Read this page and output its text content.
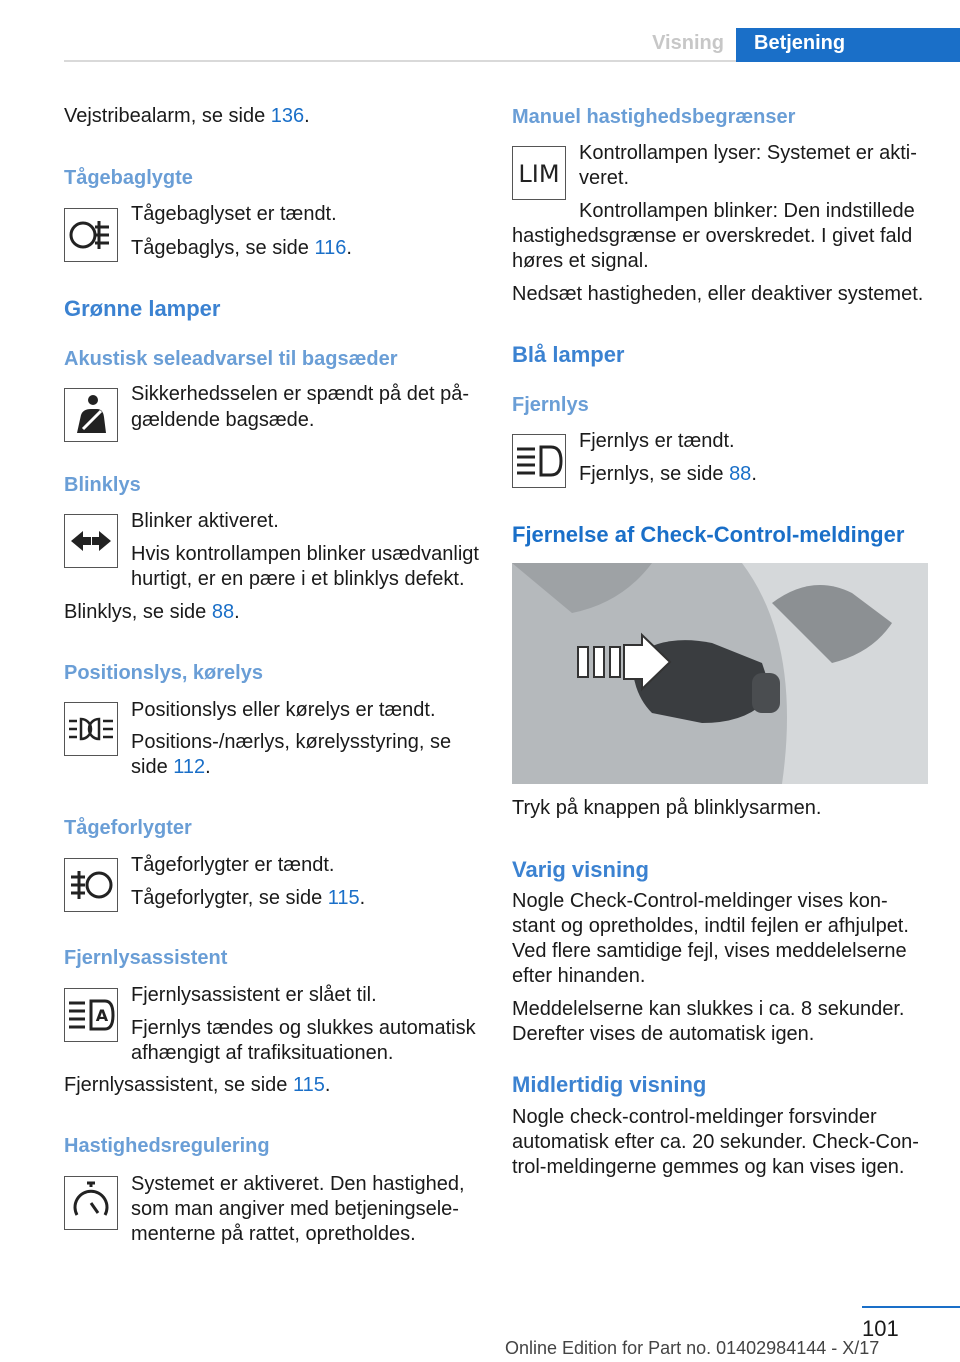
Visning	Betjening

Vejstribealarm, se side 136.

Tågebaglygte

Tågebaglyset er tændt.

Tågebaglys, se side 116.

Grønne lamper

Akustisk seleadvarsel til bagsæder

Sikkerhedsselen er spændt på det på-

gældende bagsæde.

Blinklys

Blinker aktiveret.

Hvis kontrollampen blinker usædvanligt

hurtigt, er en pære i et blinklys defekt.

Blinklys, se side 88.

Positionslys, kørelys

Positionslys eller kørelys er tændt.

Positions-/nærlys, kørelysstyring, se

side 112.

Tågeforlygter

Tågeforlygter er tændt.

Tågeforlygter, se side 115.

Fjernlysassistent

A

Fjernlysassistent er slået til.

Fjernlys tændes og slukkes automatisk

afhængigt af trafiksituationen.

Fjernlysassistent, se side 115.

Hastighedsregulering

Systemet er aktiveret. Den hastighed,

som man angiver med betjeningsele-

menterne på rattet, opretholdes.

Manuel hastighedsbegrænser

LIM

Kontrollampen lyser: Systemet er akti-

veret.

Kontrollampen blinker: Den indstillede

hastighedsgrænse er overskredet. I givet fald

høres et signal.

Nedsæt hastigheden, eller deaktiver systemet.

Blå lamper

Fjernlys

Fjernlys er tændt.

Fjernlys, se side 88.

Fjernelse af Check-Control-meldinger

Tryk på knappen på blinklysarmen.

Varig visning

Nogle Check-Control-meldinger vises kon-

stant og opretholdes, indtil fejlen er afhjulpet.

Ved flere samtidige fejl, vises meddelelserne

efter hinanden.

Meddelelserne kan slukkes i ca. 8 sekunder.

Derefter vises de automatisk igen.

Midlertidig visning

Nogle check-control-meldinger forsvinder

automatisk efter ca. 20 sekunder. Check-Con-

trol-meldingerne gemmes og kan vises igen.

101
Online Edition for Part no. 01402984144 - X/17
